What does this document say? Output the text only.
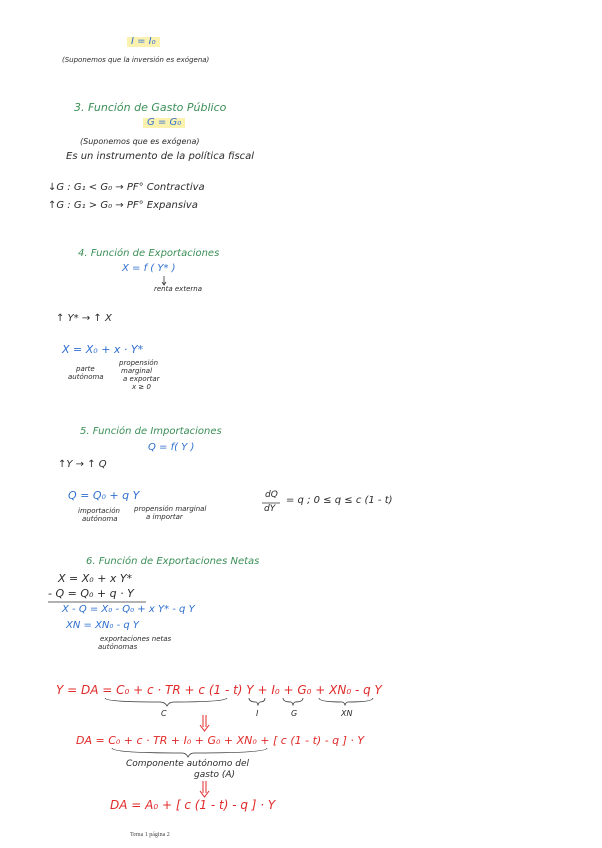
I = I₀
(Suponemos que la inversión es exógena)
3. Función de Gasto Público
G = G₀
(Suponemos que es exógena)
Es un instrumento de la política fiscal
↓G : G₁ < G₀ → PF° Contractiva
↑G : G₁ > G₀ → PF° Expansiva
4. Función de Exportaciones
X = f ( Y* )
renta externa
↑ Y* → ↑ X
X = X₀ + x · Y*
parte
autónoma
propensión
marginal
a exportar
x ≥ 0
5. Función de Importaciones
Q = f( Y )
↑Y → ↑ Q
Q = Q₀ + q Y
importación
autónoma
propensión marginal
a importar
dQ
dY
= q ; 0 ≤ q ≤ c (1 - t)
6. Función de Exportaciones Netas
X = X₀ + x Y*
- Q = Q₀ + q · Y
X - Q = X₀ - Q₀ + x Y* - q Y
XN = XN₀ - q Y
exportaciones netas
autónomas
Y = DA = C₀ + c · TR + c (1 - t) Y + I₀ + G₀ + XN₀ - q Y
C	I	G	XN
DA = C₀ + c · TR + I₀ + G₀ + XN₀ + [ c (1 - t) - q ] · Y
Componente autónomo del
gasto (A)
DA = A₀ + [ c (1 - t) - q ] · Y
Tema 1 página 2
